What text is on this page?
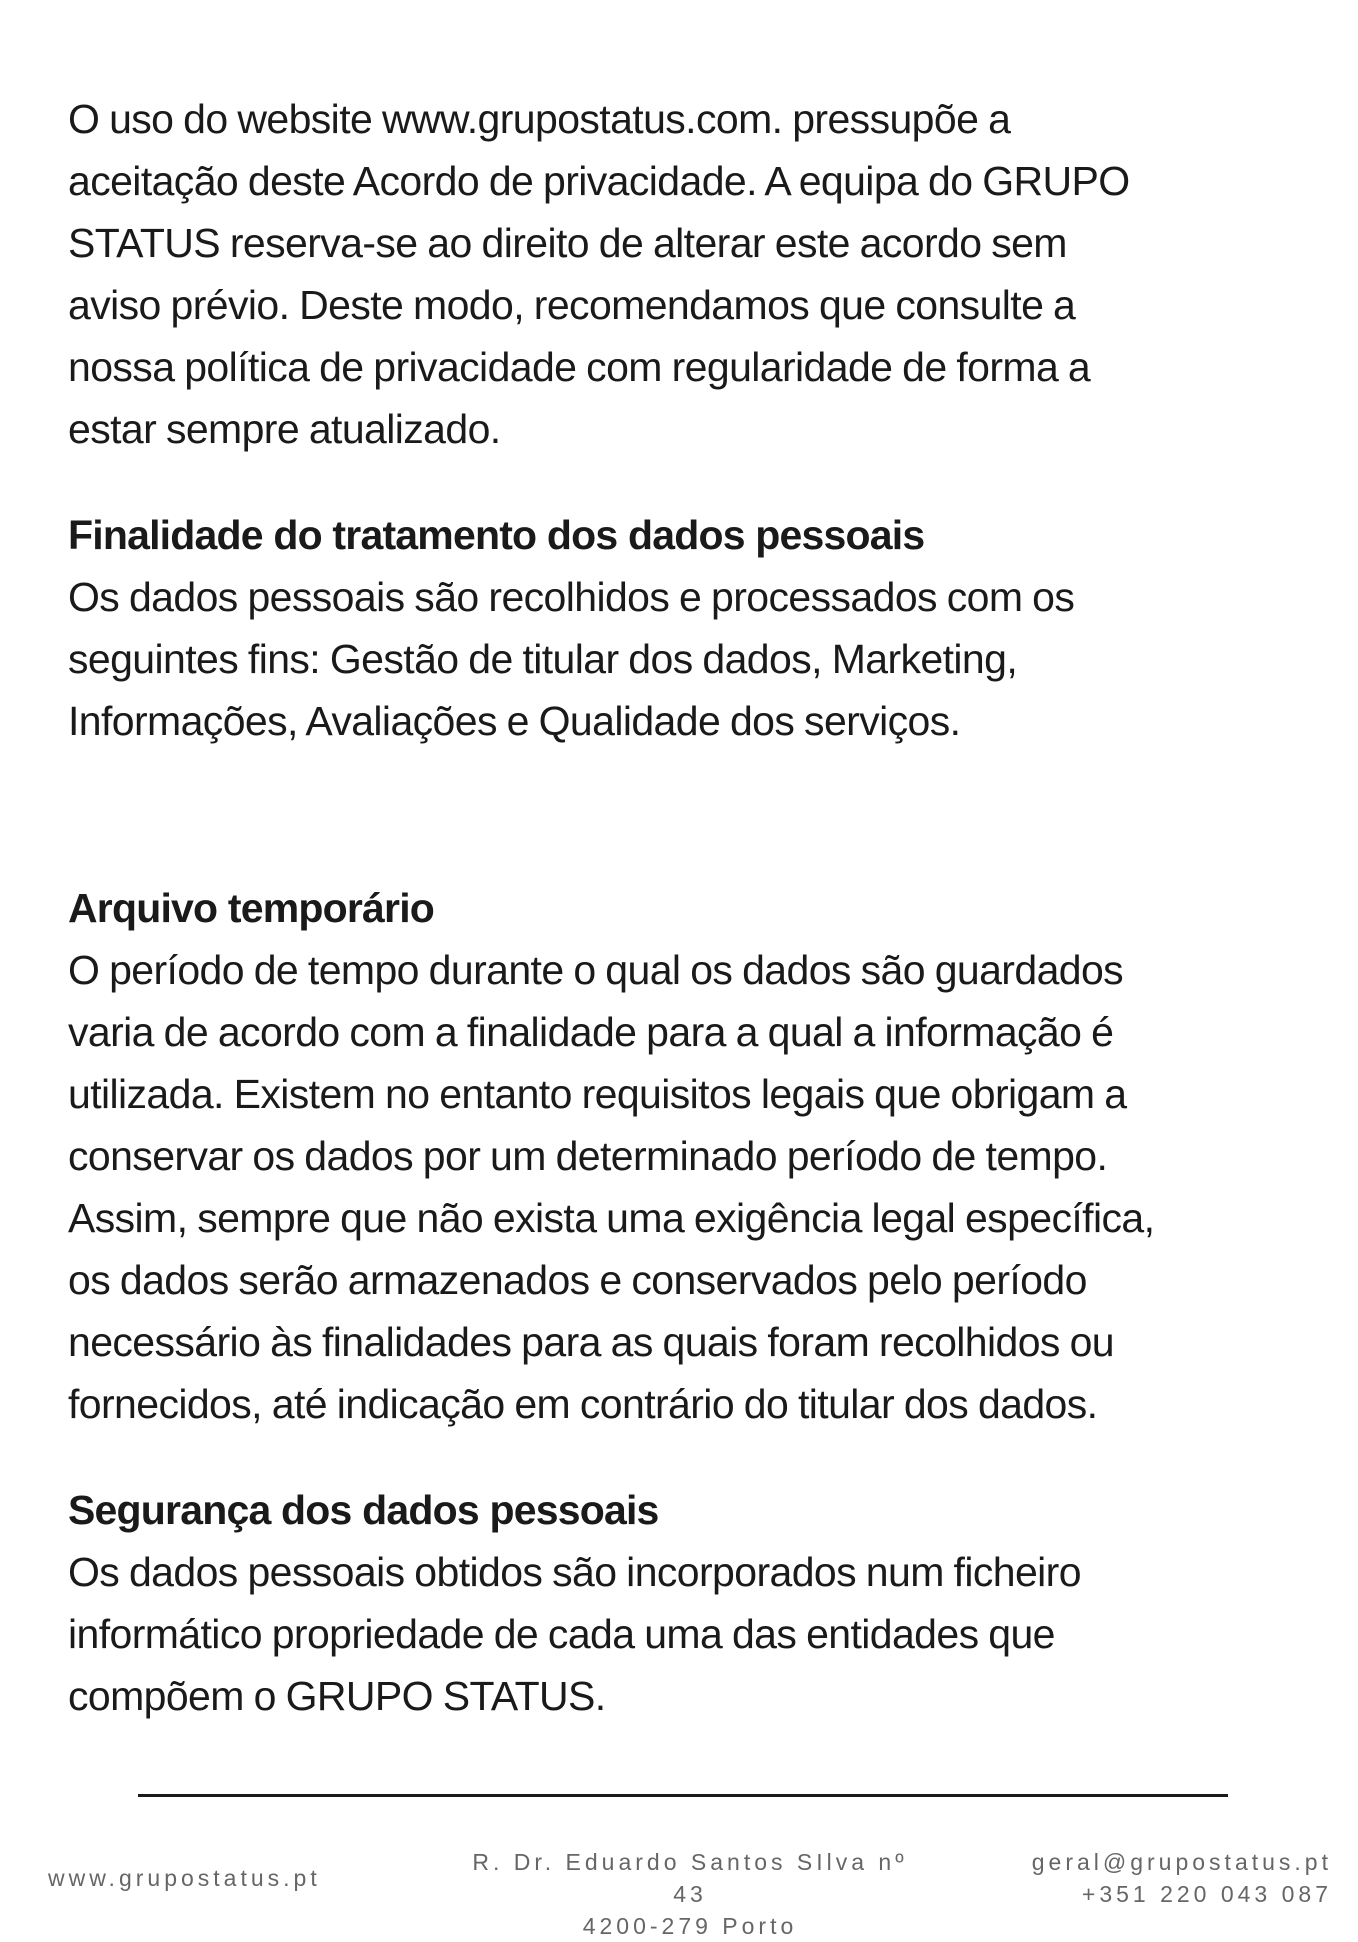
O uso do website www.grupostatus.com. pressupõe a
aceitação deste Acordo de privacidade. A equipa do GRUPO
STATUS reserva-se ao direito de alterar este acordo sem
aviso prévio. Deste modo, recomendamos que consulte a
nossa política de privacidade com regularidade de forma a
estar sempre atualizado.

Finalidade do tratamento dos dados pessoais

Os dados pessoais são recolhidos e processados com os
seguintes fins: Gestão de titular dos dados, Marketing,
Informações, Avaliações e Qualidade dos serviços.

Arquivo temporário

O período de tempo durante o qual os dados são guardados
varia de acordo com a finalidade para a qual a informação é
utilizada. Existem no entanto requisitos legais que obrigam a
conservar os dados por um determinado período de tempo.
Assim, sempre que não exista uma exigência legal específica,
os dados serão armazenados e conservados pelo período
necessário às finalidades para as quais foram recolhidos ou
fornecidos, até indicação em contrário do titular dos dados.

Segurança dos dados pessoais

Os dados pessoais obtidos são incorporados num ficheiro
informático propriedade de cada uma das entidades que
compõem o GRUPO STATUS.

www.grupostatus.pt
R. Dr. Eduardo Santos SIlva nº 43
4200-279 Porto
geral@grupostatus.pt
+351 220 043 087
